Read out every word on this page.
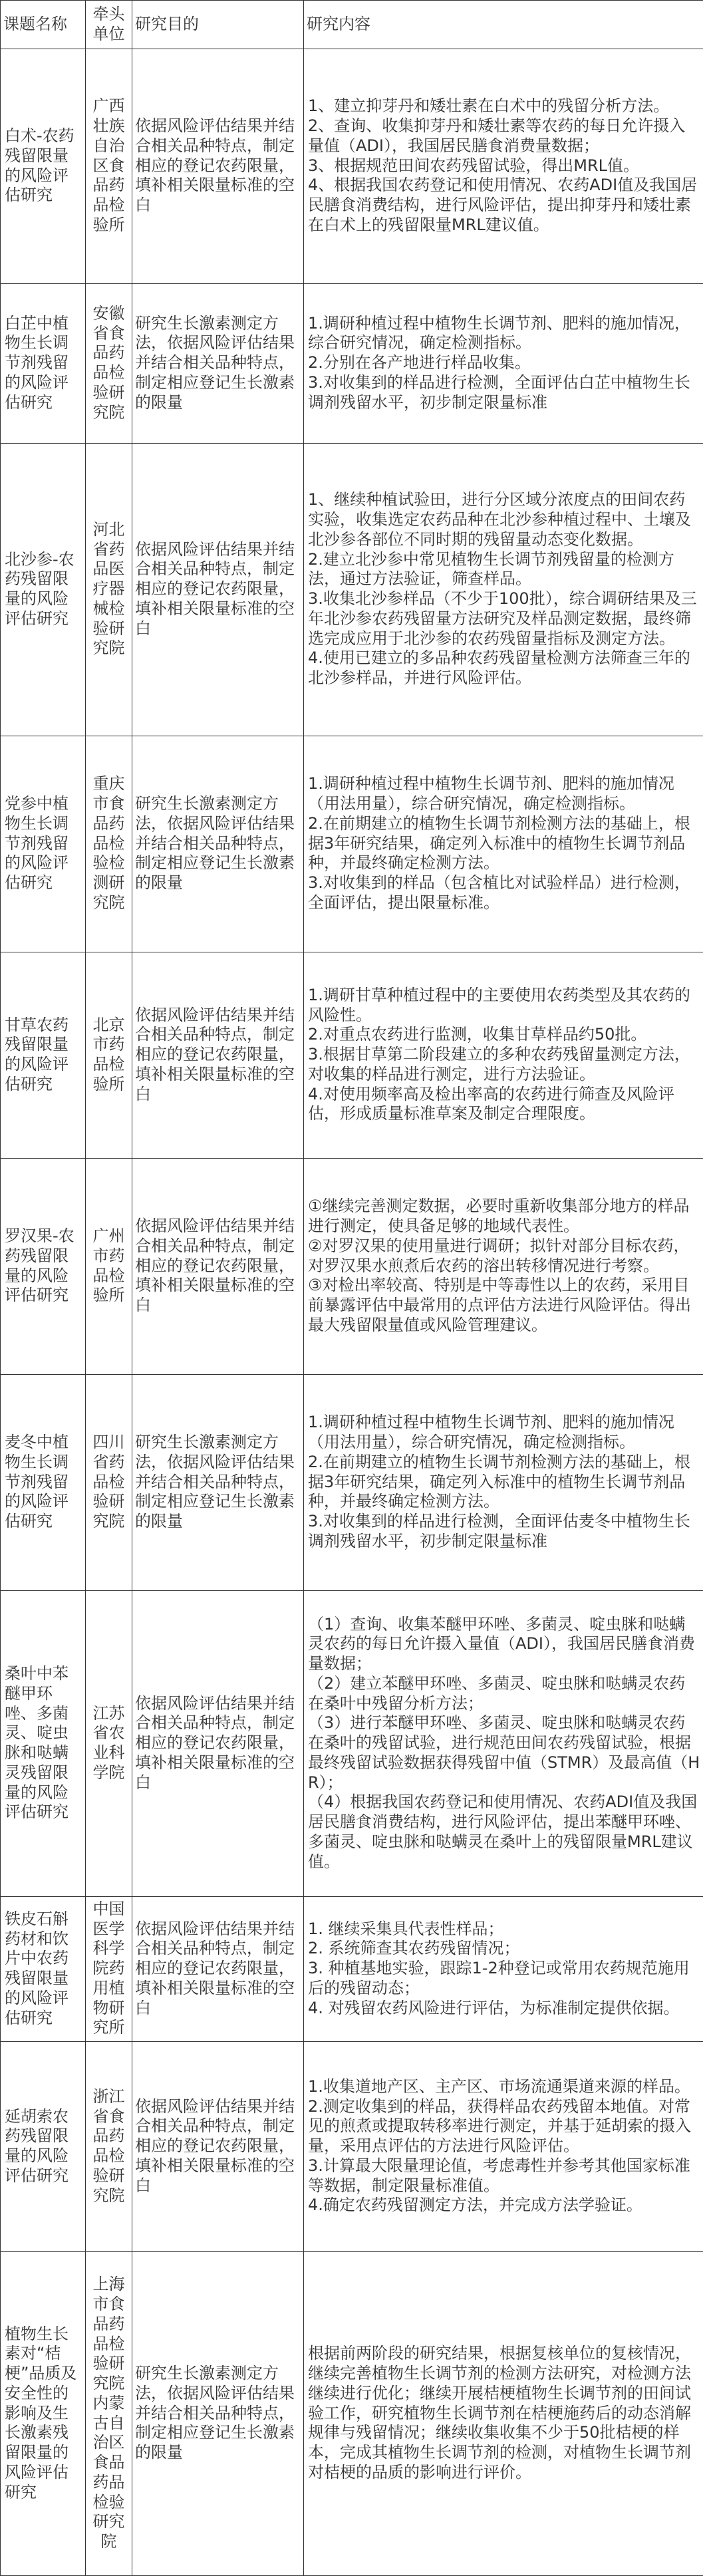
课题名称	牵头单位	研究目的	研究内容
白术-农药残留限量的风险评估研究	广西壮族自治区食品药品检验所	依据风险评估结果并结合相关品种特点，制定相应的登记农药限量，填补相关限量标准的空白	1、建立抑芽丹和矮壮素在白术中的残留分析方法。
2、查询、收集抑芽丹和矮壮素等农药的每日允许摄入量值（ADI），我国居民膳食消费量数据；
3、根据规范田间农药残留试验，得出MRL值。
4、根据我国农药登记和使用情况、农药ADI值及我国居民膳食消费结构，进行风险评估，提出抑芽丹和矮壮素在白术上的残留限量MRL建议值。
白芷中植物生长调节剂残留的风险评估研究	安徽省食品药品检验研究院	研究生长激素测定方法，依据风险评估结果并结合相关品种特点，制定相应登记生长激素的限量	1.调研种植过程中植物生长调节剂、肥料的施加情况，综合研究情况，确定检测指标。
2.分别在各产地进行样品收集。
3.对收集到的样品进行检测，全面评估白芷中植物生长调剂残留水平，初步制定限量标准
北沙参-农药残留限量的风险评估研究	河北省药品医疗器械检验研究院	依据风险评估结果并结合相关品种特点，制定相应的登记农药限量，填补相关限量标准的空白	1、继续种植试验田，进行分区域分浓度点的田间农药实验，收集选定农药品种在北沙参种植过程中、土壤及北沙参各部位不同时期的残留量动态变化数据。
2.建立北沙参中常见植物生长调节剂残留量的检测方法，通过方法验证，筛查样品。
3.收集北沙参样品（不少于100批），综合调研结果及三年北沙参农药残留量方法研究及样品测定数据，最终筛选完成应用于北沙参的农药残留量指标及测定方法。
4.使用已建立的多品种农药残留量检测方法筛查三年的北沙参样品，并进行风险评估。
党参中植物生长调节剂残留的风险评估研究	重庆市食品药品检验检测研究院	研究生长激素测定方法，依据风险评估结果并结合相关品种特点，制定相应登记生长激素的限量	1.调研种植过程中植物生长调节剂、肥料的施加情况（用法用量），综合研究情况，确定检测指标。
2.在前期建立的植物生长调节剂检测方法的基础上，根据3年研究结果，确定列入标准中的植物生长调节剂品种，并最终确定检测方法。
3.对收集到的样品（包含植比对试验样品）进行检测，全面评估，提出限量标准。
甘草农药残留限量的风险评估研究	北京市药品检验所	依据风险评估结果并结合相关品种特点，制定相应的登记农药限量，填补相关限量标准的空白	1.调研甘草种植过程中的主要使用农药类型及其农药的风险性。
2.对重点农药进行监测，收集甘草样品约50批。
3.根据甘草第二阶段建立的多种农药残留量测定方法，对收集的样品进行测定，进行方法验证。
4.对使用频率高及检出率高的农药进行筛查及风险评估，形成质量标准草案及制定合理限度。
罗汉果-农药残留限量的风险评估研究	广州市药品检验所	依据风险评估结果并结合相关品种特点，制定相应的登记农药限量，填补相关限量标准的空白	①继续完善测定数据，必要时重新收集部分地方的样品进行测定，使具备足够的地域代表性。
②对罗汉果的使用量进行调研；拟针对部分目标农药，对罗汉果水煎煮后农药的溶出转移情况进行考察。
③对检出率较高、特别是中等毒性以上的农药，采用目前暴露评估中最常用的点评估方法进行风险评估。得出最大残留限量值或风险管理建议。
麦冬中植物生长调节剂残留的风险评估研究	四川省药品检验研究院	研究生长激素测定方法，依据风险评估结果并结合相关品种特点，制定相应登记生长激素的限量	1.调研种植过程中植物生长调节剂、肥料的施加情况（用法用量），综合研究情况，确定检测指标。
2.在前期建立的植物生长调节剂检测方法的基础上，根据3年研究结果，确定列入标准中的植物生长调节剂品种，并最终确定检测方法。
3.对收集到的样品进行检测，全面评估麦冬中植物生长调剂残留水平，初步制定限量标准
桑叶中苯醚甲环唑、多菌灵、啶虫脒和哒螨灵残留限量的风险评估研究	江苏省农业科学院	依据风险评估结果并结合相关品种特点，制定相应的登记农药限量，填补相关限量标准的空白	（1）查询、收集苯醚甲环唑、多菌灵、啶虫脒和哒螨灵农药的每日允许摄入量值（ADI），我国居民膳食消费量数据；
（2）建立苯醚甲环唑、多菌灵、啶虫脒和哒螨灵农药在桑叶中残留分析方法；
（3）进行苯醚甲环唑、多菌灵、啶虫脒和哒螨灵农药在桑叶的残留试验，进行规范田间农药残留试验，根据最终残留试验数据获得残留中值（STMR）及最高值（HR）；
（4）根据我国农药登记和使用情况、农药ADI值及我国居民膳食消费结构，进行风险评估，提出苯醚甲环唑、多菌灵、啶虫脒和哒螨灵在桑叶上的残留限量MRL建议值。
铁皮石斛药材和饮片中农药残留限量的风险评估研究	中国医学科学院药用植物研究所	依据风险评估结果并结合相关品种特点，制定相应的登记农药限量，填补相关限量标准的空白	1. 继续采集具代表性样品；
2. 系统筛查其农药残留情况；
3. 种植基地实验，跟踪1-2种登记或常用农药规范施用后的残留动态；
4. 对残留农药风险进行评估，为标准制定提供依据。
延胡索农药残留限量的风险评估研究	浙江省食品药品检验研究院	依据风险评估结果并结合相关品种特点，制定相应的登记农药限量，填补相关限量标准的空白	1.收集道地产区、主产区、市场流通渠道来源的样品。
2.测定收集到的样品，获得样品农药残留本地值。对常见的煎煮或提取转移率进行测定，并基于延胡索的摄入量，采用点评估的方法进行风险评估。
3.计算最大限量理论值，考虑毒性并参考其他国家标准等数据，制定限量标准值。
4.确定农药残留测定方法，并完成方法学验证。
植物生长素对“桔梗”品质及安全性的影响及生长激素残留限量的风险评估研究	上海市食品药品检验研究院内蒙古自治区食品药品检验研究院	研究生长激素测定方法，依据风险评估结果并结合相关品种特点，制定相应登记生长激素的限量	根据前两阶段的研究结果，根据复核单位的复核情况，继续完善植物生长调节剂的检测方法研究，对检测方法继续进行优化；继续开展桔梗植物生长调节剂的田间试验工作，研究植物生长调节剂在桔梗施药后的动态消解规律与残留情况；继续收集收集不少于50批桔梗的样本，完成其植物生长调节剂的检测，对植物生长调节剂对桔梗的品质的影响进行评价。
